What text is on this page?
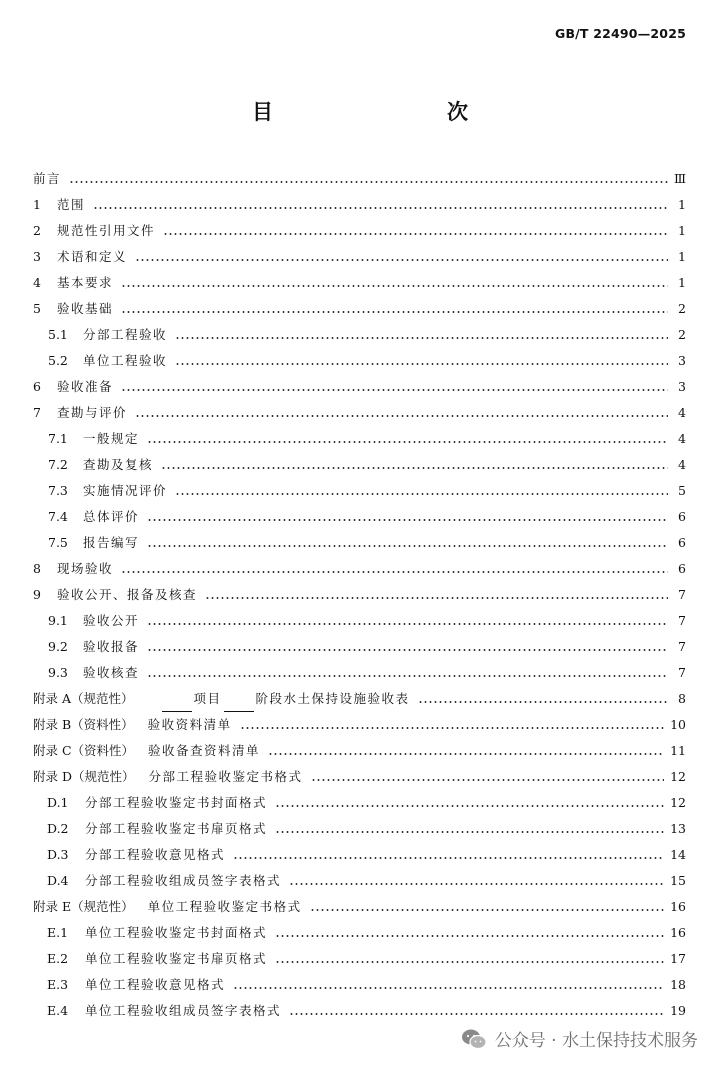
GB/T 22490—2025
目　　次
前言	Ⅲ
1	范围	1
2	规范性引用文件	1
3	术语和定义	1
4	基本要求	1
5	验收基础	2
5.1	分部工程验收	2
5.2	单位工程验收	3
6	验收准备	3
7	查勘与评价	4
7.1	一般规定	4
7.2	查勘及复核	4
7.3	实施情况评价	5
7.4	总体评价	6
7.5	报告编写	6
8	现场验收	6
9	验收公开、报备及核查	7
9.1	验收公开	7
9.2	验收报备	7
9.3	验收核查	7
附录 A（规范性）	项目	阶段水土保持设施验收表	8
附录 B（资料性） 验收资料清单	10
附录 C（资料性） 验收备查资料清单	11
附录 D（规范性） 分部工程验收鉴定书格式	12
D.1	分部工程验收鉴定书封面格式	12
D.2	分部工程验收鉴定书扉页格式	13
D.3	分部工程验收意见格式	14
D.4	分部工程验收组成员签字表格式	15
附录 E（规范性） 单位工程验收鉴定书格式	16
E.1	单位工程验收鉴定书封面格式	16
E.2	单位工程验收鉴定书扉页格式	17
E.3	单位工程验收意见格式	18
E.4	单位工程验收组成员签字表格式	19
公众号 · 水土保持技术服务
